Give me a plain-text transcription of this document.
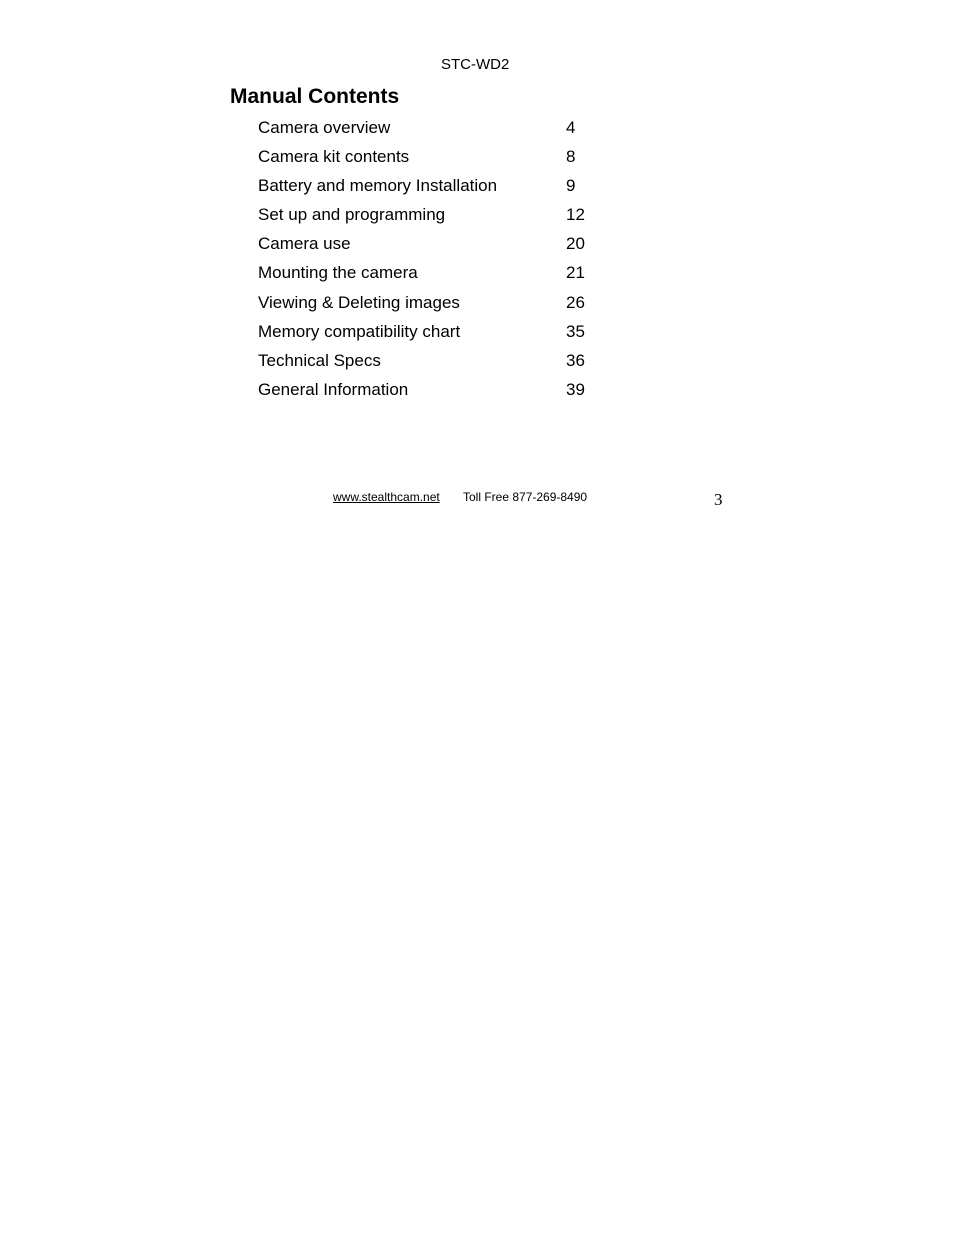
STC-WD2
Manual Contents
Camera overview	4
Camera kit contents	8
Battery and memory Installation	9
Set up and programming	12
Camera use	20
Mounting the camera	21
Viewing & Deleting images	26
Memory compatibility chart	35
Technical Specs	36
General Information	39
www.stealthcam.net Toll Free 877-269-8490	3
